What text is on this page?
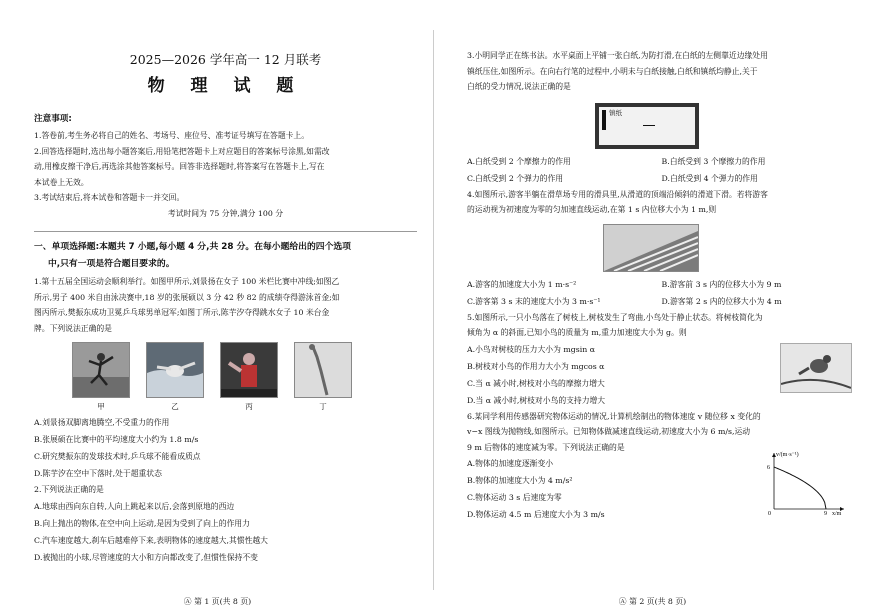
2025—2026 学年高一 12 月联考
物 理 试 题
注意事项:
1.答卷前,考生务必将自己的姓名、考场号、座位号、准考证号填写在答题卡上。
2.回答选择题时,选出每小题答案后,用铅笔把答题卡上对应题目的答案标号涂黑,如需改
动,用橡皮擦干净后,再选涂其他答案标号。回答非选择题时,将答案写在答题卡上,写在
本试卷上无效。
3.考试结束后,将本试卷和答题卡一并交回。
考试时间为 75 分钟,满分 100 分
一、单项选择题:本题共 7 小题,每小题 4 分,共 28 分。在每小题给出的四个选项
中,只有一项是符合题目要求的。
1.第十五届全国运动会顺利举行。如图甲所示,刘景扬在女子 100 米栏比赛中冲线;如图乙
所示,男子 400 米自由泳决赛中,18 岁的张展硕以 3 分 42 秒 82 的成绩夺得游泳首金;如
图丙所示,樊振东成功卫冕乒乓球男单冠军;如图丁所示,陈芋汐夺得跳水女子 10 米台金
牌。下列说法正确的是
甲	乙	丙	丁
A.刘景扬双脚离地腾空,不受重力的作用
B.张展硕在比赛中的平均速度大小约为 1.8 m/s
C.研究樊振东的发球技术时,乒乓球不能看成质点
D.陈芋汐在空中下落时,处于超重状态
2.下列说法正确的是
A.地球由西向东自转,人向上跳起来以后,会落到原地的西边
B.向上抛出的物体,在空中向上运动,是因为受到了向上的作用力
C.汽车速度越大,刹车后越难停下来,表明物体的速度越大,其惯性越大
D.被抛出的小球,尽管速度的大小和方向都改变了,但惯性保持不变
Ⓐ 第 1 页(共 8 页)
3.小明同学正在练书法。水平桌面上平铺一张白纸,为防打滑,在白纸的左侧靠近边缘处用
镇纸压住,如图所示。在向右行笔的过程中,小明未与白纸接触,白纸和镇纸均静止,关于
白纸的受力情况,说法正确的是
镇纸
A.白纸受到 2 个摩擦力的作用	B.白纸受到 3 个摩擦力的作用
C.白纸受到 2 个弹力的作用	D.白纸受到 4 个弹力的作用
4.如图所示,游客半躺在滑草场专用的滑具里,从滑道的顶端沿倾斜的滑道下滑。若将游客
的运动视为初速度为零的匀加速直线运动,在第 1 s 内位移大小为 1 m,则
A.游客的加速度大小为 1 m·s⁻²	B.游客前 3 s 内的位移大小为 9 m
C.游客第 3 s 末的速度大小为 3 m·s⁻¹	D.游客第 2 s 内的位移大小为 4 m
5.如图所示,一只小鸟落在了树枝上,树枝发生了弯曲,小鸟处于静止状态。将树枝简化为
倾角为 α 的斜面,已知小鸟的质量为 m,重力加速度大小为 g。则
A.小鸟对树枝的压力大小为 mgsin α
B.树枝对小鸟的作用力大小为 mgcos α
C.当 α 减小时,树枝对小鸟的摩擦力增大
D.当 α 减小时,树枝对小鸟的支持力增大
6.某同学利用传感器研究物体运动的情况,计算机绘制出的物体速度 v 随位移 x 变化的
v−x 图线为抛物线,如图所示。已知物体做减速直线运动,初速度大小为 6 m/s,运动
9 m 后物体的速度减为零。下列说法正确的是
A.物体的加速度逐渐变小
B.物体的加速度大小为 4 m/s²
C.物体运动 3 s 后速度为零
D.物体运动 4.5 m 后速度大小为 3 m/s
v/(m·s⁻¹)
x/m
6
9
0
Ⓐ 第 2 页(共 8 页)
